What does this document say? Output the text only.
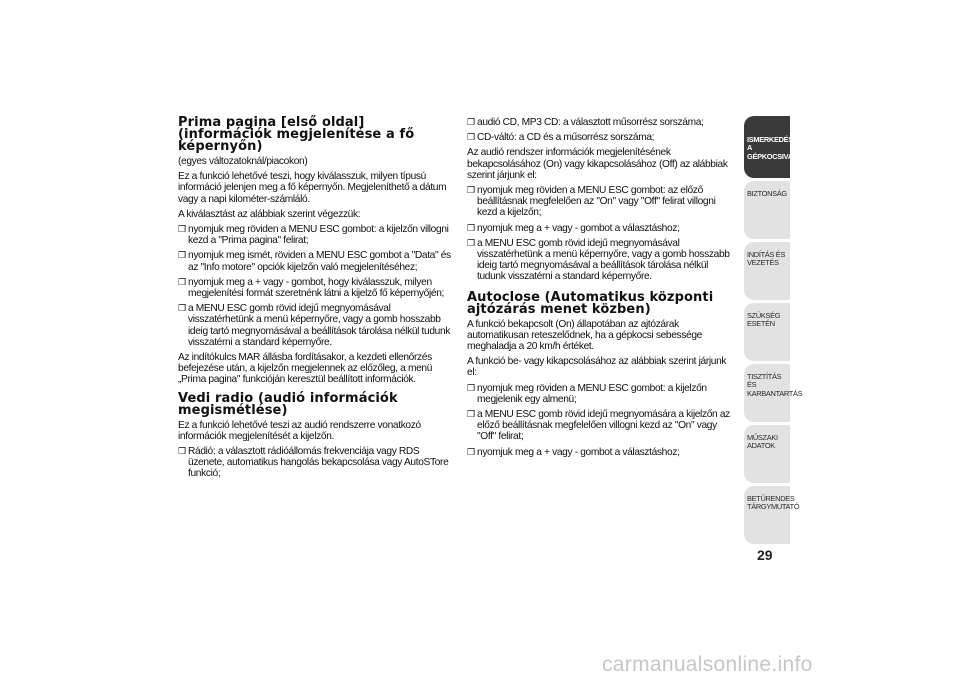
Prima pagina [első oldal] (információk megjelenítése a fő képernyőn)

(egyes változatoknál/piacokon)

Ez a funkció lehetővé teszi, hogy kiválasszuk, milyen típusú információ jelenjen meg a fő képernyőn. Megjeleníthető a dátum vagy a napi kilométer-számláló.

A kiválasztást az alábbiak szerint végezzük:

❒ nyomjuk meg röviden a MENU ESC gombot: a kijelzőn villogni kezd a "Prima pagina" felirat;
❒ nyomjuk meg ismét, röviden a MENU ESC gombot a "Data" és az "Info motore" opciók kijelzőn való megjelenítéséhez;
❒ nyomjuk meg a + vagy - gombot, hogy kiválasszuk, milyen megjelenítési formát szeretnénk látni a kijelző fő képernyőjén;
❒ a MENU ESC gomb rövid idejű megnyomásával visszatérhetünk a menü képernyőre, vagy a gomb hosszabb ideig tartó megnyomásával a beállítások tárolása nélkül tudunk visszatérni a standard képernyőre.

Az indítókulcs MAR állásba fordításakor, a kezdeti ellenőrzés befejezése után, a kijelzőn megjelennek az előzőleg, a menü „Prima pagina" funkcióján keresztül beállított információk.

Vedi radio (audió információk megismétlése)

Ez a funkció lehetővé teszi az audió rendszerre vonatkozó információk megjelenítését a kijelzőn.

❒ Rádió: a választott rádióállomás frekvenciája vagy RDS üzenete, automatikus hangolás bekapcsolása vagy AutoSTore funkció;
❒ audió CD, MP3 CD: a választott műsorrész sorszáma;
❒ CD-váltó: a CD és a műsorrész sorszáma;

Az audió rendszer információk megjelenítésének bekapcsolásához (On) vagy kikapcsolásához (Off) az alábbiak szerint járjunk el:

❒ nyomjuk meg röviden a MENU ESC gombot: az előző beállításnak megfelelően az "On" vagy "Off" felirat villogni kezd a kijelzőn;
❒ nyomjuk meg a + vagy - gombot a választáshoz;
❒ a MENU ESC gomb rövid idejű megnyomásával visszatérhetünk a menü képernyőre, vagy a gomb hosszabb ideig tartó megnyomásával a beállítások tárolása nélkül tudunk visszatérni a standard képernyőre.
Autoclose (Automatikus központi ajtózárás menet közben)

A funkció bekapcsolt (On) állapotában az ajtózárak automatikusan reteszelődnek, ha a gépkocsi sebessége meghaladja a 20 km/h értéket.

A funkció be- vagy kikapcsolásához az alábbiak szerint járjunk el:

❒ nyomjuk meg röviden a MENU ESC gombot: a kijelzőn megjelenik egy almenü;
❒ a MENU ESC gomb rövid idejű megnyomására a kijelzőn az előző beállításnak megfelelően villogni kezd az "On" vagy "Off" felirat;
❒ nyomjuk meg a + vagy - gombot a választáshoz;
ISMERKEDÉS A GÉPKOCSIVAL
BIZTONSÁG
INDÍTÁS ÉS VEZETÉS
SZÜKSÉG ESETÉN
TISZTÍTÁS ÉS KARBANTARTÁS
MŰSZAKI ADATOK
BETŰRENDES TÁRGYMUTATÓ
29
carmanualsonline.info
